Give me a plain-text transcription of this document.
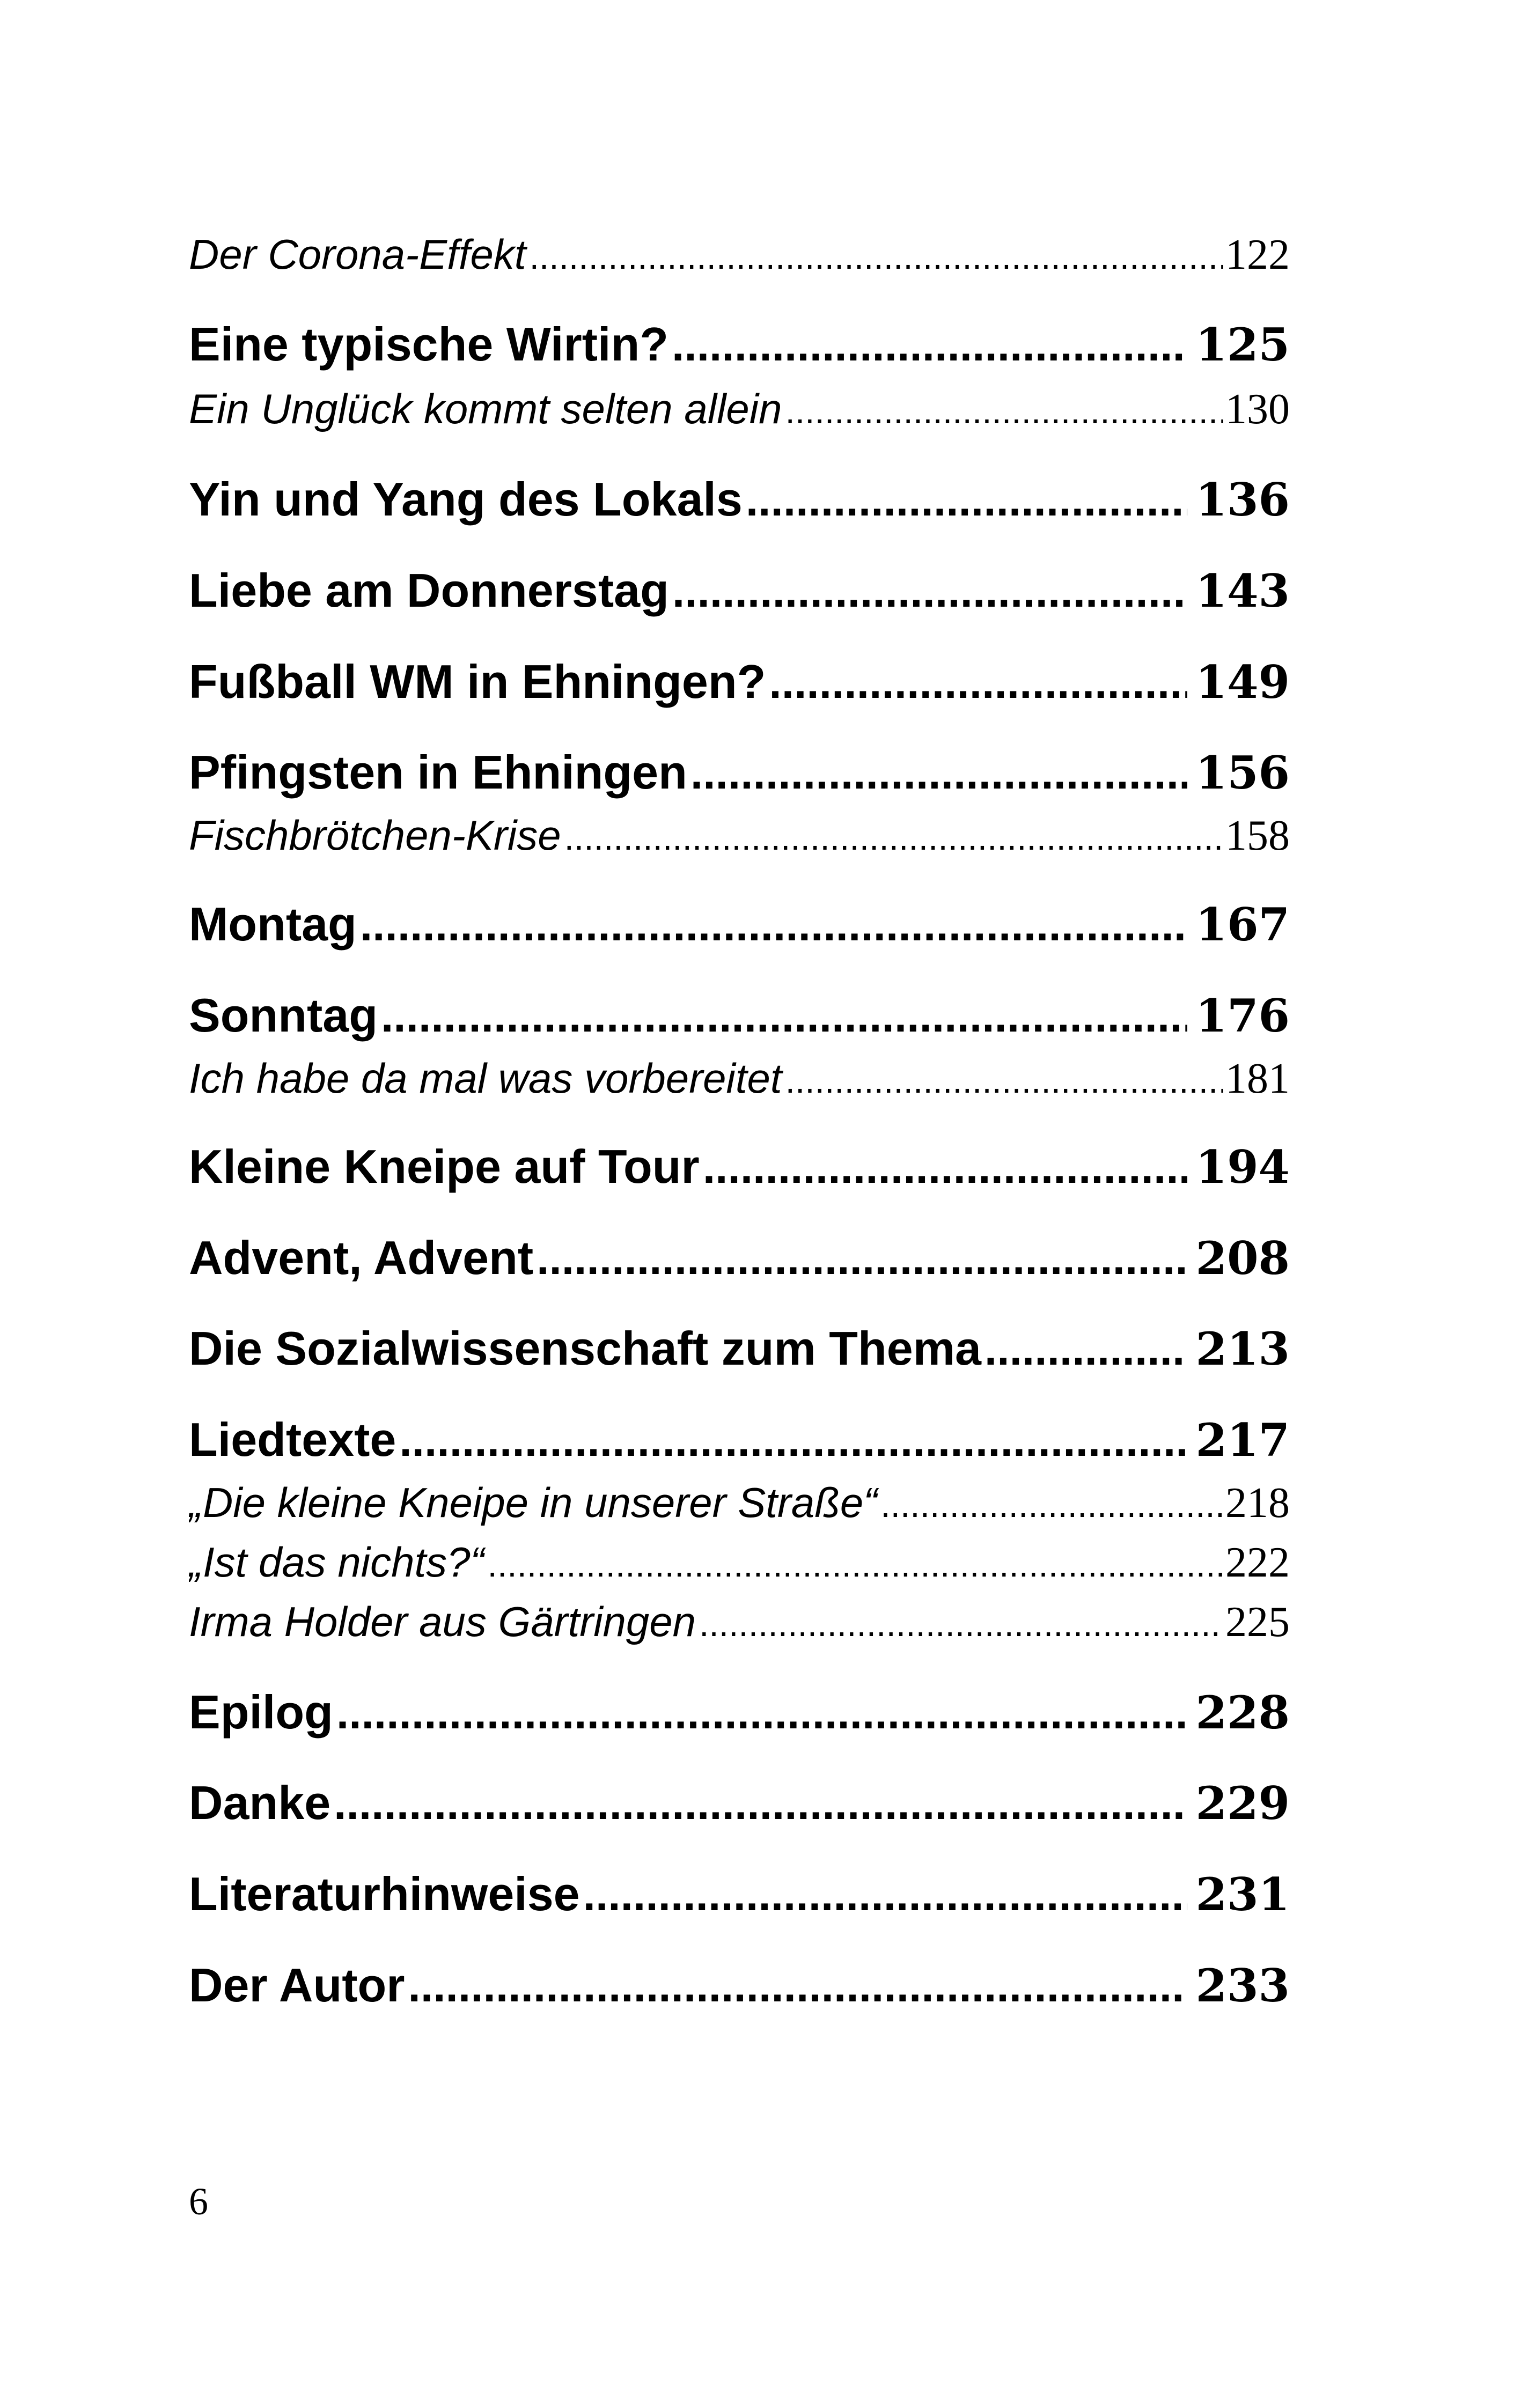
Der Corona-Effekt .....	122
Eine typische Wirtin? .....	125
Ein Unglück kommt selten allein .....	130
Yin und Yang des Lokals .....	136
Liebe am Donnerstag .....	143
Fußball WM in Ehningen? .....	149
Pfingsten in Ehningen .....	156
Fischbrötchen-Krise .....	158
Montag .....	167
Sonntag .....	176
Ich habe da mal was vorbereitet .....	181
Kleine Kneipe auf Tour .....	194
Advent, Advent .....	208
Die Sozialwissenschaft zum Thema .....	213
Liedtexte .....	217
„Die kleine Kneipe in unserer Straße“ .....	218
„Ist das nichts?“ .....	222
Irma Holder aus Gärtringen .....	225
Epilog .....	228
Danke .....	229
Literaturhinweise .....	231
Der Autor .....	233
6
